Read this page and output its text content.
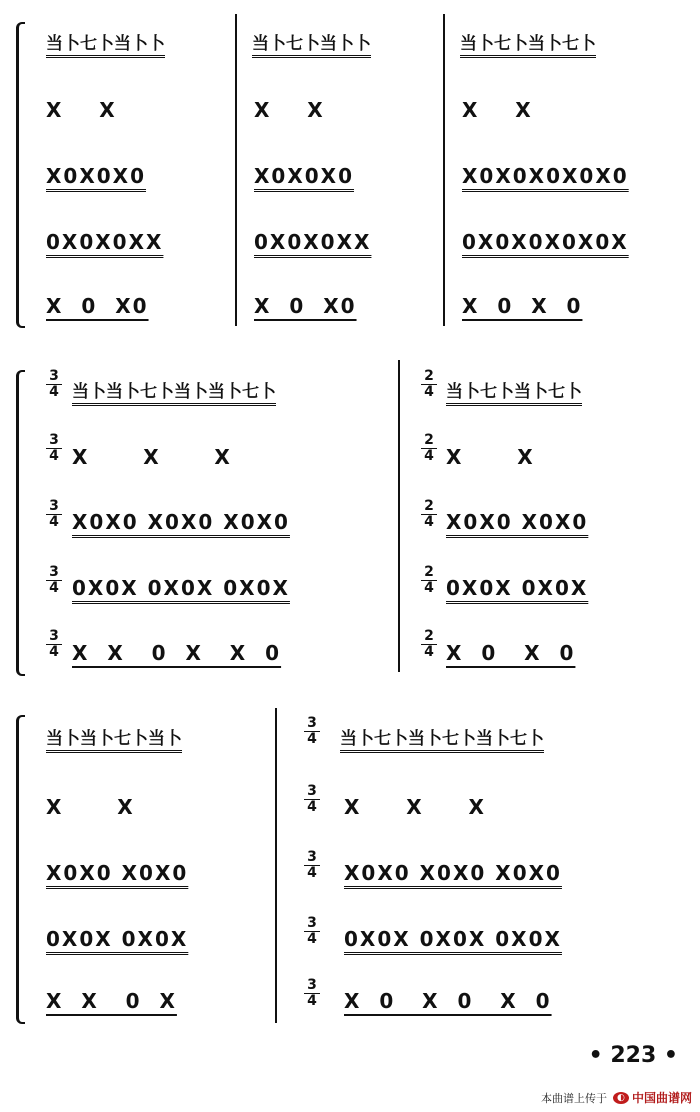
当卜七卜当卜卜	当卜七卜当卜卜	当卜七卜当卜七卜
X    X	X    X	X    X
X0X0X0	X0X0X0	X0X0X0X0X0
0X0X0XX	0X0X0XX	0X0X0X0X0X
X  0  X0	X  0  X0	X  0  X  0
3
4
3
4
3
4
3
4
3
4
2
4
2
4
2
4
2
4
2
4
当卜当卜七卜当卜当卜七卜	当卜七卜当卜七卜
X      X      X	X      X
X0X0 X0X0 X0X0	X0X0 X0X0
0X0X 0X0X 0X0X	0X0X 0X0X
X  X   0  X   X  0	X  0   X  0
3
4
3
4
3
4
3
4
3
4
当卜当卜七卜当卜	当卜七卜当卜七卜当卜七卜
X      X	X     X     X
X0X0 X0X0	X0X0 X0X0 X0X0
0X0X 0X0X	0X0X 0X0X 0X0X
X  X   0  X	X  0   X  0   X  0
• 223 •
本曲谱上传于	◐ 中国曲谱网
